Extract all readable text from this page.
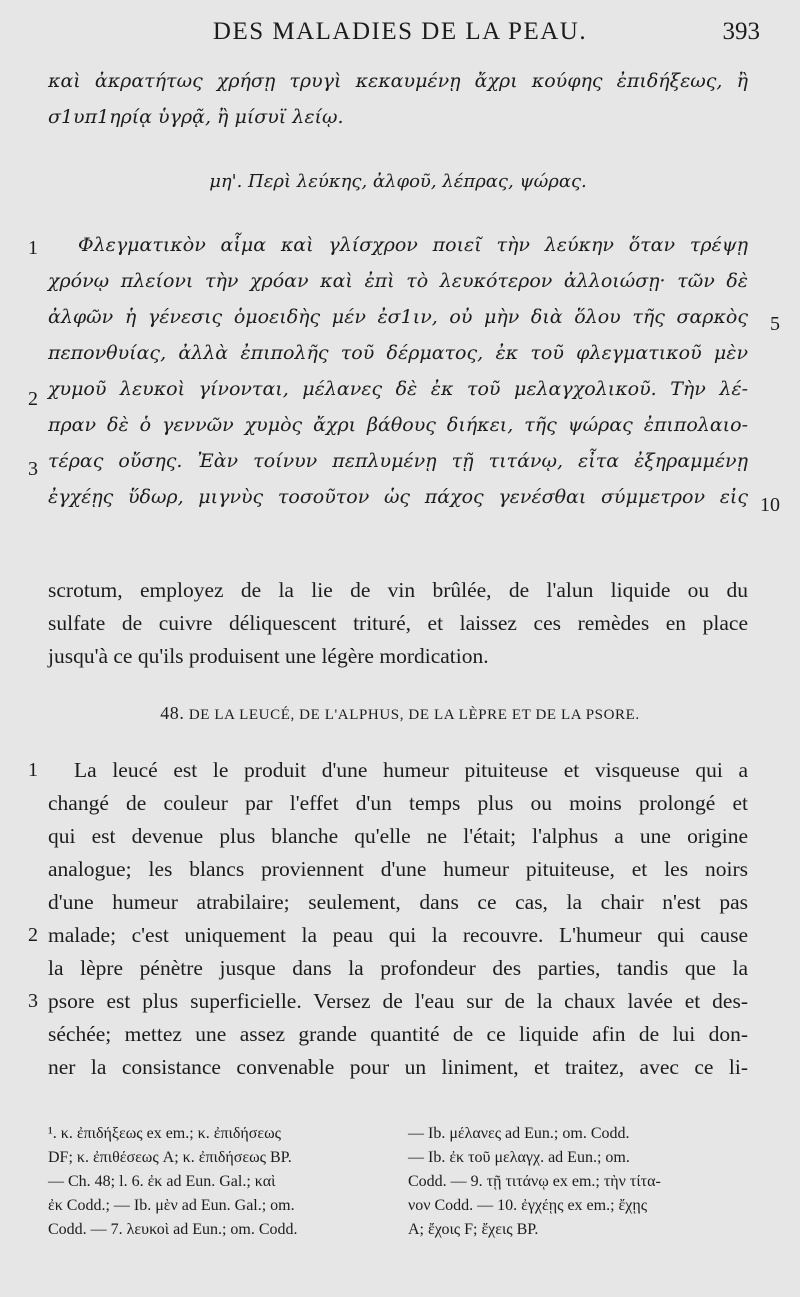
DES MALADIES DE LA PEAU.	393
καὶ ἀκρατήτως χρήσῃ τρυγὶ κεκαυμένῃ ἄχρι κούφης ἐπιδήξεως, ἢ
σ1υπ1ηρίᾳ ὑγρᾷ, ἢ μίσυϊ λείῳ.
μη'. Περὶ λεύκης, ἀλφοῦ, λέπρας, ψώρας.
Φλεγματικὸν αἷμα καὶ γλίσχρον ποιεῖ τὴν λεύκην ὅταν τρέψῃ
χρόνῳ πλείονι τὴν χρόαν καὶ ἐπὶ τὸ λευκότερον ἀλλοιώσῃ· τῶν δὲ
ἀλφῶν ἡ γένεσις ὁμοειδὴς μέν ἐσ1ιν, οὐ μὴν διὰ ὅλου τῆς σαρκὸς
πεπονθυίας, ἀλλὰ ἐπιπολῆς τοῦ δέρματος, ἐκ τοῦ φλεγματικοῦ μὲν
χυμοῦ λευκοὶ γίνονται, μέλανες δὲ ἐκ τοῦ μελαγχολικοῦ. Τὴν λέ-
πραν δὲ ὁ γεννῶν χυμὸς ἄχρι βάθους διήκει, τῆς ψώρας ἐπιπολαιο-
τέρας οὔσης. Ἐὰν τοίνυν πεπλυμένῃ τῇ τιτάνῳ, εἶτα ἐξηραμμένῃ
ἐγχέῃς ὕδωρ, μιγνὺς τοσοῦτον ὡς πάχος γενέσθαι σύμμετρον εἰς
1
2
3
5
10
scrotum, employez de la lie de vin brûlée, de l'alun liquide ou du
sulfate de cuivre déliquescent trituré, et laissez ces remèdes en place
jusqu'à ce qu'ils produisent une légère mordication.
48. DE LA LEUCÉ, DE L'ALPHUS, DE LA LÈPRE ET DE LA PSORE.
La leucé est le produit d'une humeur pituiteuse et visqueuse qui a
changé de couleur par l'effet d'un temps plus ou moins prolongé et
qui est devenue plus blanche qu'elle ne l'était; l'alphus a une origine
analogue; les blancs proviennent d'une humeur pituiteuse, et les noirs
d'une humeur atrabilaire; seulement, dans ce cas, la chair n'est pas
malade; c'est uniquement la peau qui la recouvre. L'humeur qui cause
la lèpre pénètre jusque dans la profondeur des parties, tandis que la
psore est plus superficielle. Versez de l'eau sur de la chaux lavée et des-
séchée; mettez une assez grande quantité de ce liquide afin de lui don-
ner la consistance convenable pour un liniment, et traitez, avec ce li-
1
2
3
¹. κ. ἐπιδήξεως ex em.; κ. ἐπιδήσεως
DF; κ. ἐπιθέσεως A; κ. ἐπιδήσεως BP.
— Ch. 48; l. 6. ἐκ ad Eun. Gal.; καὶ
ἐκ Codd.; — Ib. μὲν ad Eun. Gal.; om.
Codd. — 7. λευκοὶ ad Eun.; om. Codd.
— Ib. μέλανες ad Eun.; om. Codd.
— Ib. ἐκ τοῦ μελαγχ. ad Eun.; om.
Codd. — 9. τῇ τιτάνῳ ex em.; τὴν τίτα-
νον Codd. — 10. ἐγχέῃς ex em.; ἔχῃς
A; ἔχοις F; ἔχεις BP.
